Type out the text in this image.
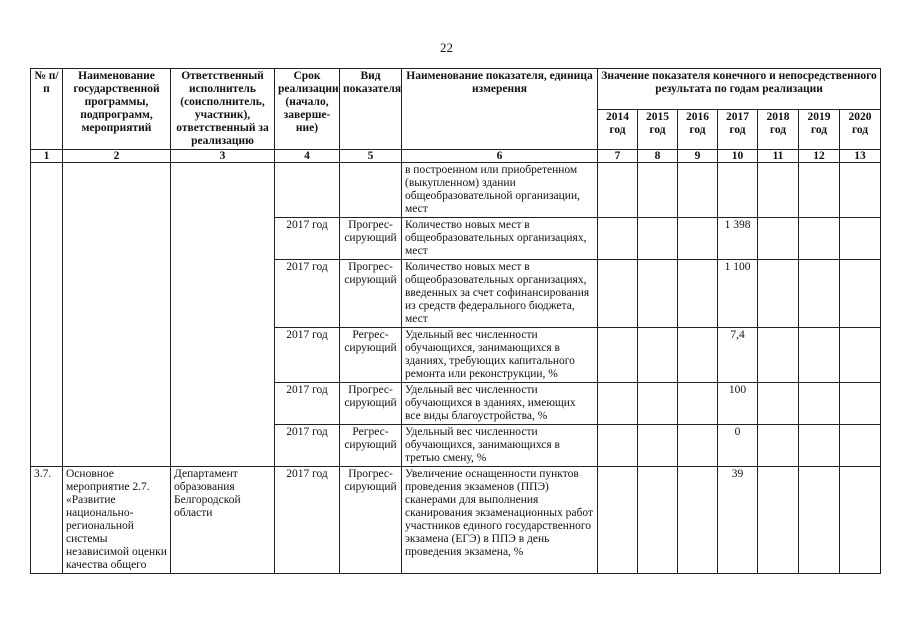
22
№ п/п	Наименование государственной программы, подпрограмм, мероприятий	Ответственный исполнитель (соисполнитель, участник), ответственный за реализацию	Срок реализации (начало, заверше-ние)	Вид показателя	Наименование показателя, единица измерения	Значение показателя конечного и непосредственного результата по годам реализации						
						2014 год	2015 год	2016 год	2017 год	2018 год	2019 год	2020 год
1	2	3	4	5	6	7	8	9	10	11	12	13
					в построенном или приобретенном (выкупленном) здании общеобразовательной организации, мест							
			2017 год	Прогрес-сирующий	Количество новых мест в общеобразовательных организациях, мест				1 398			
			2017 год	Прогрес-сирующий	Количество новых мест в общеобразовательных организациях, введенных за счет софинансирования из средств федерального бюджета, мест				1 100			
			2017 год	Регрес-сирующий	Удельный вес численности обучающихся, занимающихся в зданиях, требующих капитального ремонта или реконструкции, %				7,4			
			2017 год	Прогрес-сирующий	Удельный вес численности обучающихся в зданиях, имеющих все виды благоустройства, %				100			
			2017 год	Регрес-сирующий	Удельный вес численности обучающихся, занимающихся в третью смену, %				0			
3.7.	Основное мероприятие 2.7. «Развитие национально-региональной системы независимой оценки качества общего	Департамент образования Белгородской области	2017 год	Прогрес-сирующий	Увеличение оснащенности пунктов проведения экзаменов (ППЭ) сканерами для выполнения сканирования экзаменационных работ участников единого государственного экзамена (ЕГЭ) в ППЭ в день проведения экзамена, %				39			
